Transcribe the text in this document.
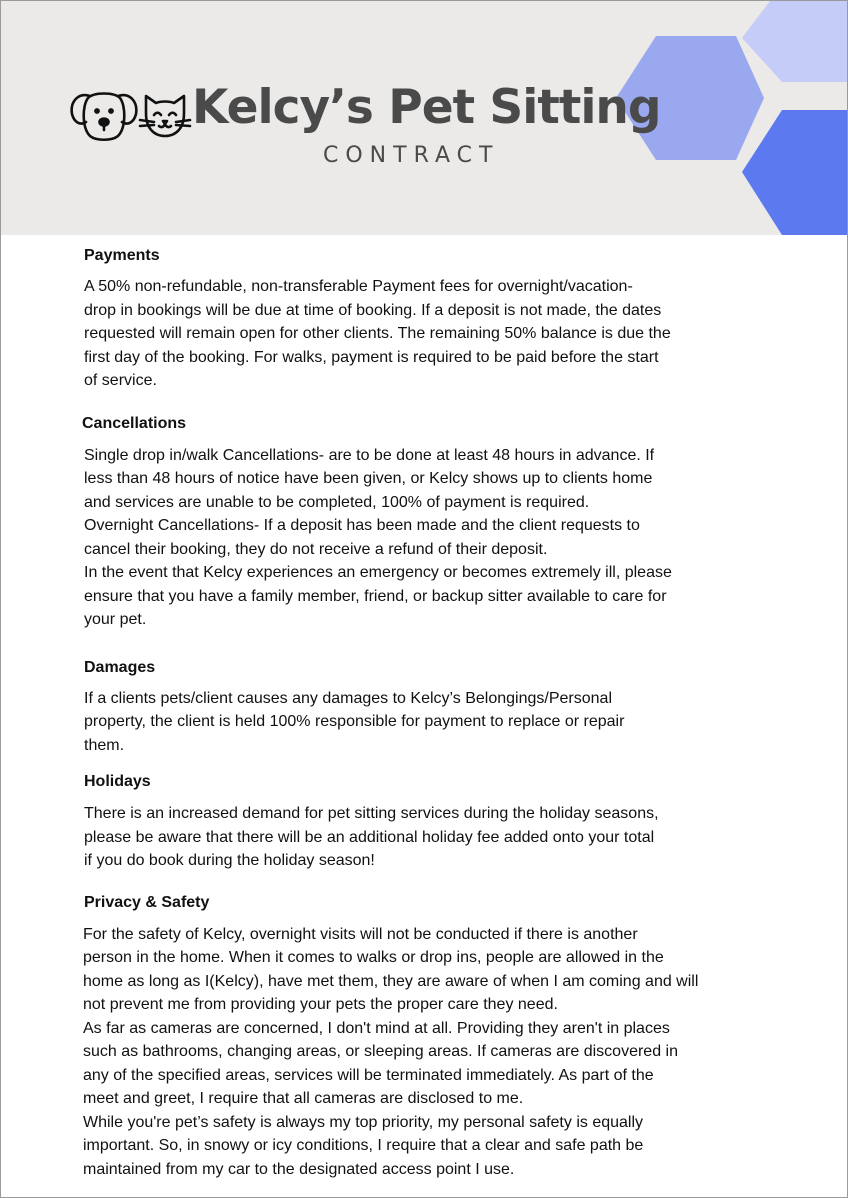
Kelcy’s Pet Sitting
CONTRACT
Payments

A 50% non-refundable, non-transferable Payment fees for overnight/vacation-
drop in bookings will be due at time of booking. If a deposit is not made, the dates
requested will remain open for other clients. The remaining 50% balance is due the
first day of the booking. For walks, payment is required to be paid before the start
of service.

Cancellations

Single drop in/walk Cancellations- are to be done at least 48 hours in advance. If
less than 48 hours of notice have been given, or Kelcy shows up to clients home
and services are unable to be completed, 100% of payment is required.
Overnight Cancellations- If a deposit has been made and the client requests to
cancel their booking, they do not receive a refund of their deposit.
In the event that Kelcy experiences an emergency or becomes extremely ill, please
ensure that you have a family member, friend, or backup sitter available to care for
your pet.

Damages

If a clients pets/client causes any damages to Kelcy’s Belongings/Personal
property, the client is held 100% responsible for payment to replace or repair
them.

Holidays

There is an increased demand for pet sitting services during the holiday seasons,
please be aware that there will be an additional holiday fee added onto your total
if you do book during the holiday season!

Privacy & Safety

For the safety of Kelcy, overnight visits will not be conducted if there is another
person in the home. When it comes to walks or drop ins, people are allowed in the
home as long as I(Kelcy), have met them, they are aware of when I am coming and will
not prevent me from providing your pets the proper care they need.
As far as cameras are concerned, I don't mind at all. Providing they aren't in places
such as bathrooms, changing areas, or sleeping areas. If cameras are discovered in
any of the specified areas, services will be terminated immediately. As part of the
meet and greet, I require that all cameras are disclosed to me.
While you're pet’s safety is always my top priority, my personal safety is equally
important. So, in snowy or icy conditions, I require that a clear and safe path be
maintained from my car to the designated access point I use.
